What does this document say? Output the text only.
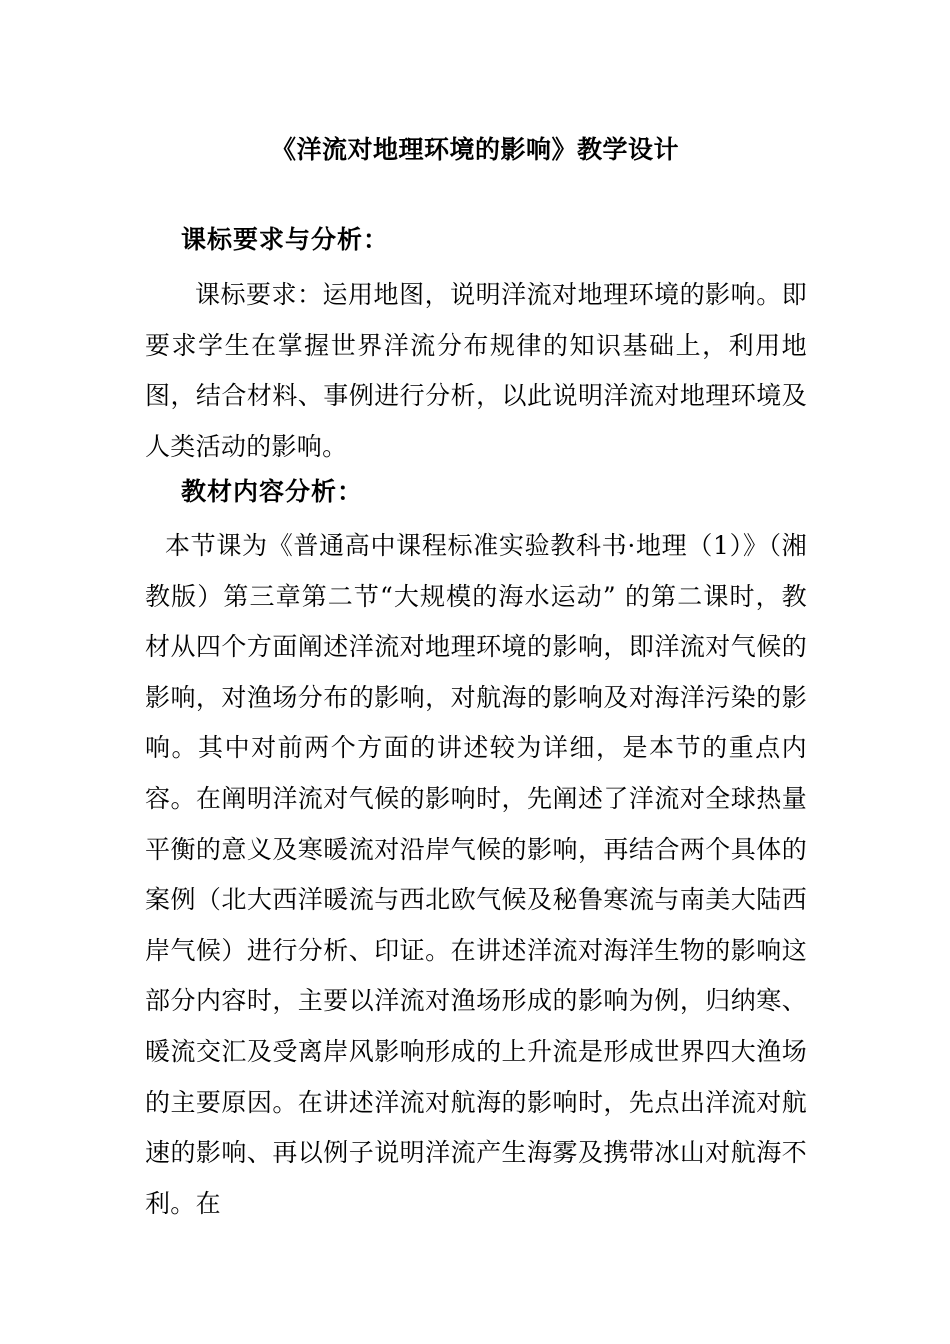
《洋流对地理环境的影响》教学设计
课标要求与分析：
课标要求：运用地图，说明洋流对地理环境的影响。即要求学生在掌握世界洋流分布规律的知识基础上，利用地图，结合材料、事例进行分析，以此说明洋流对地理环境及人类活动的影响。
教材内容分析：
本节课为《普通高中课程标准实验教科书·地理（1）》（湘教版）第三章第二节“大规模的海水运动” 的第二课时，教材从四个方面阐述洋流对地理环境的影响，即洋流对气候的影响，对渔场分布的影响，对航海的影响及对海洋污染的影响。其中对前两个方面的讲述较为详细，是本节的重点内容。在阐明洋流对气候的影响时，先阐述了洋流对全球热量平衡的意义及寒暖流对沿岸气候的影响，再结合两个具体的案例（北大西洋暖流与西北欧气候及秘鲁寒流与南美大陆西岸气候）进行分析、印证。在讲述洋流对海洋生物的影响这部分内容时，主要以洋流对渔场形成的影响为例，归纳寒、暖流交汇及受离岸风影响形成的上升流是形成世界四大渔场的主要原因。在讲述洋流对航海的影响时，先点出洋流对航速的影响、再以例子说明洋流产生海雾及携带冰山对航海不利。在
